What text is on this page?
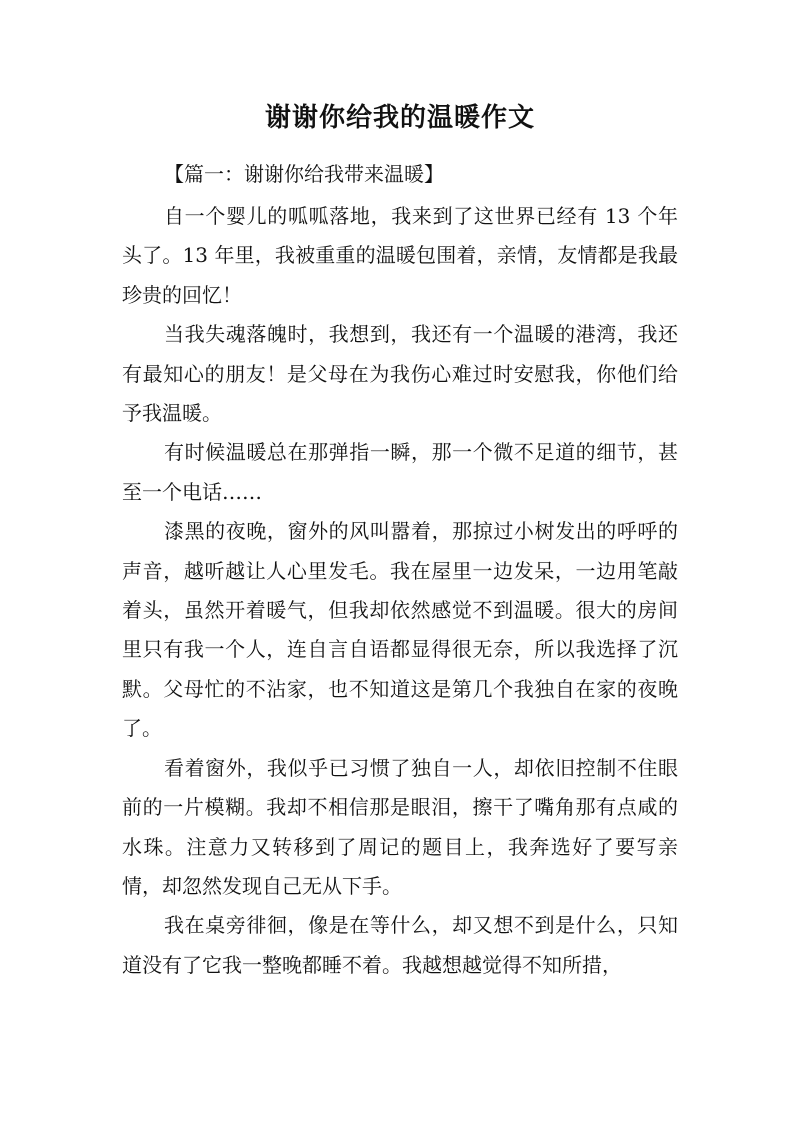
谢谢你给我的温暖作文
【篇一：谢谢你给我带来温暖】

自一个婴儿的呱呱落地，我来到了这世界已经有 13 个年头了。13 年里，我被重重的温暖包围着，亲情，友情都是我最珍贵的回忆！

当我失魂落魄时，我想到，我还有一个温暖的港湾，我还有最知心的朋友！是父母在为我伤心难过时安慰我，你他们给予我温暖。

有时候温暖总在那弹指一瞬，那一个微不足道的细节，甚至一个电话……

漆黑的夜晚，窗外的风叫嚣着，那掠过小树发出的呼呼的声音，越听越让人心里发毛。我在屋里一边发呆，一边用笔敲着头，虽然开着暖气，但我却依然感觉不到温暖。很大的房间里只有我一个人，连自言自语都显得很无奈，所以我选择了沉默。父母忙的不沾家，也不知道这是第几个我独自在家的夜晚了。

看着窗外，我似乎已习惯了独自一人，却依旧控制不住眼前的一片模糊。我却不相信那是眼泪，擦干了嘴角那有点咸的水珠。注意力又转移到了周记的题目上，我奔选好了要写亲情，却忽然发现自己无从下手。

我在桌旁徘徊，像是在等什么，却又想不到是什么，只知道没有了它我一整晚都睡不着。我越想越觉得不知所措，
